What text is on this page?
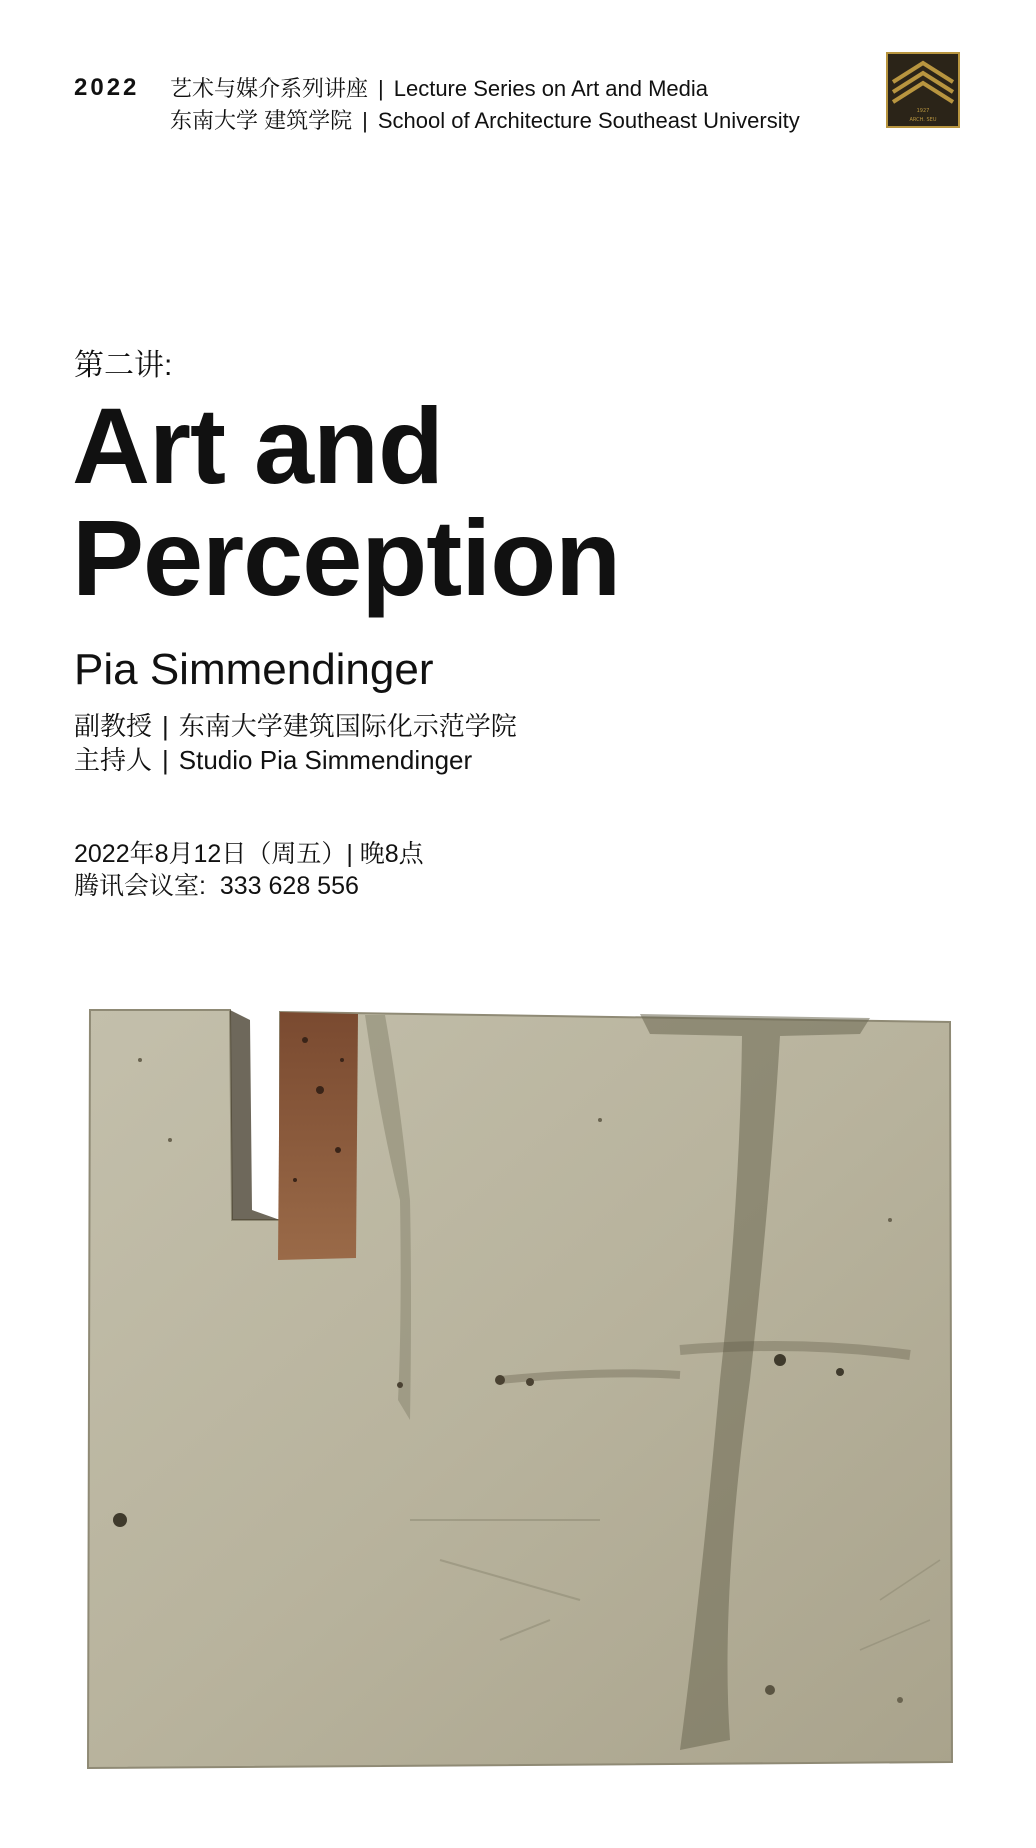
2022 艺术与媒介系列讲座 | Lecture Series on Art and Media
东南大学 建筑学院 | School of Architecture Southeast University	1927
ARCH. SEU
第二讲:
Art and
Perception
Pia Simmendinger
副教授 | 东南大学建筑国际化示范学院
主持人 | Studio Pia Simmendinger
2022年8月12日（周五）| 晚8点
腾讯会议室: 333 628 556
